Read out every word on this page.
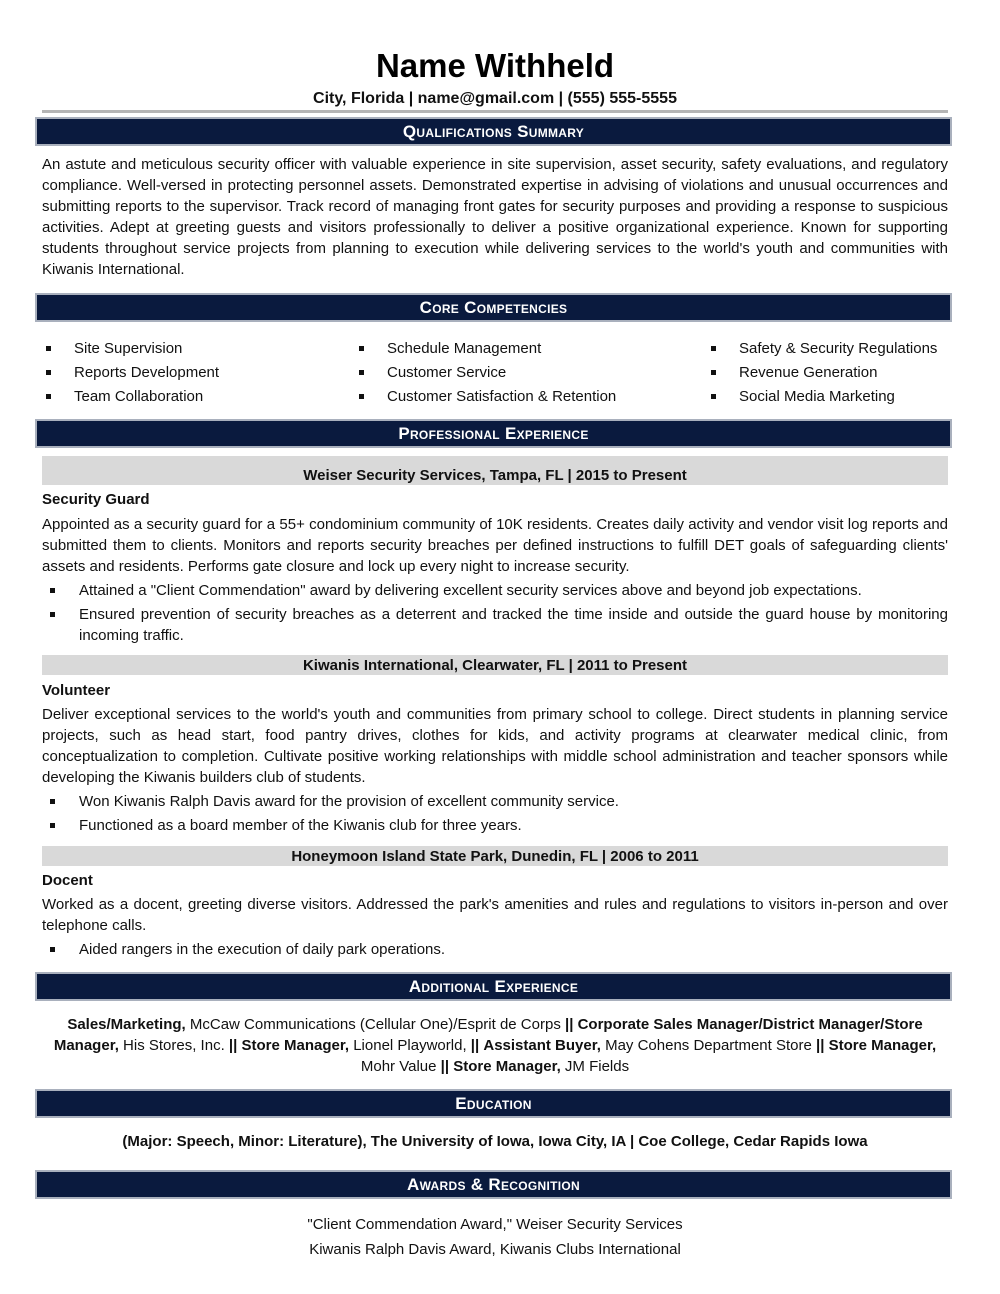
Name Withheld
City, Florida | name@gmail.com | (555) 555-5555
Qualifications Summary

An astute and meticulous security officer with valuable experience in site supervision, asset security, safety evaluations, and regulatory compliance. Well-versed in protecting personnel assets. Demonstrated expertise in advising of violations and unusual occurrences and submitting reports to the supervisor. Track record of managing front gates for security purposes and providing a response to suspicious activities. Adept at greeting guests and visitors professionally to deliver a positive organizational experience. Known for supporting students throughout service projects from planning to execution while delivering services to the world's youth and communities with Kiwanis International.

Core Competencies
Site Supervision
Reports Development
Team Collaboration
Schedule Management
Customer Service
Customer Satisfaction & Retention
Safety & Security Regulations
Revenue Generation
Social Media Marketing
Professional Experience
Weiser Security Services, Tampa, FL | 2015 to Present
Security Guard

Appointed as a security guard for a 55+ condominium community of 10K residents. Creates daily activity and vendor visit log reports and submitted them to clients. Monitors and reports security breaches per defined instructions to fulfill DET goals of safeguarding clients' assets and residents. Performs gate closure and lock up every night to increase security.

Attained a "Client Commendation" award by delivering excellent security services above and beyond job expectations.
Ensured prevention of security breaches as a deterrent and tracked the time inside and outside the guard house by monitoring incoming traffic.
Kiwanis International, Clearwater, FL | 2011 to Present
Volunteer

Deliver exceptional services to the world's youth and communities from primary school to college. Direct students in planning service projects, such as head start, food pantry drives, clothes for kids, and activity programs at clearwater medical clinic, from conceptualization to completion. Cultivate positive working relationships with middle school administration and teacher sponsors while developing the Kiwanis builders club of students.

Won Kiwanis Ralph Davis award for the provision of excellent community service.
Functioned as a board member of the Kiwanis club for three years.
Honeymoon Island State Park, Dunedin, FL | 2006 to 2011
Docent

Worked as a docent, greeting diverse visitors. Addressed the park's amenities and rules and regulations to visitors in-person and over telephone calls.

Aided rangers in the execution of daily park operations.
Additional Experience
Sales/Marketing, McCaw Communications (Cellular One)/Esprit de Corps || Corporate Sales Manager/District Manager/Store Manager, His Stores, Inc. || Store Manager, Lionel Playworld, || Assistant Buyer, May Cohens Department Store || Store Manager, Mohr Value || Store Manager, JM Fields
Education
(Major: Speech, Minor: Literature), The University of Iowa, Iowa City, IA | Coe College, Cedar Rapids Iowa
Awards & Recognition
"Client Commendation Award," Weiser Security Services
Kiwanis Ralph Davis Award, Kiwanis Clubs International
